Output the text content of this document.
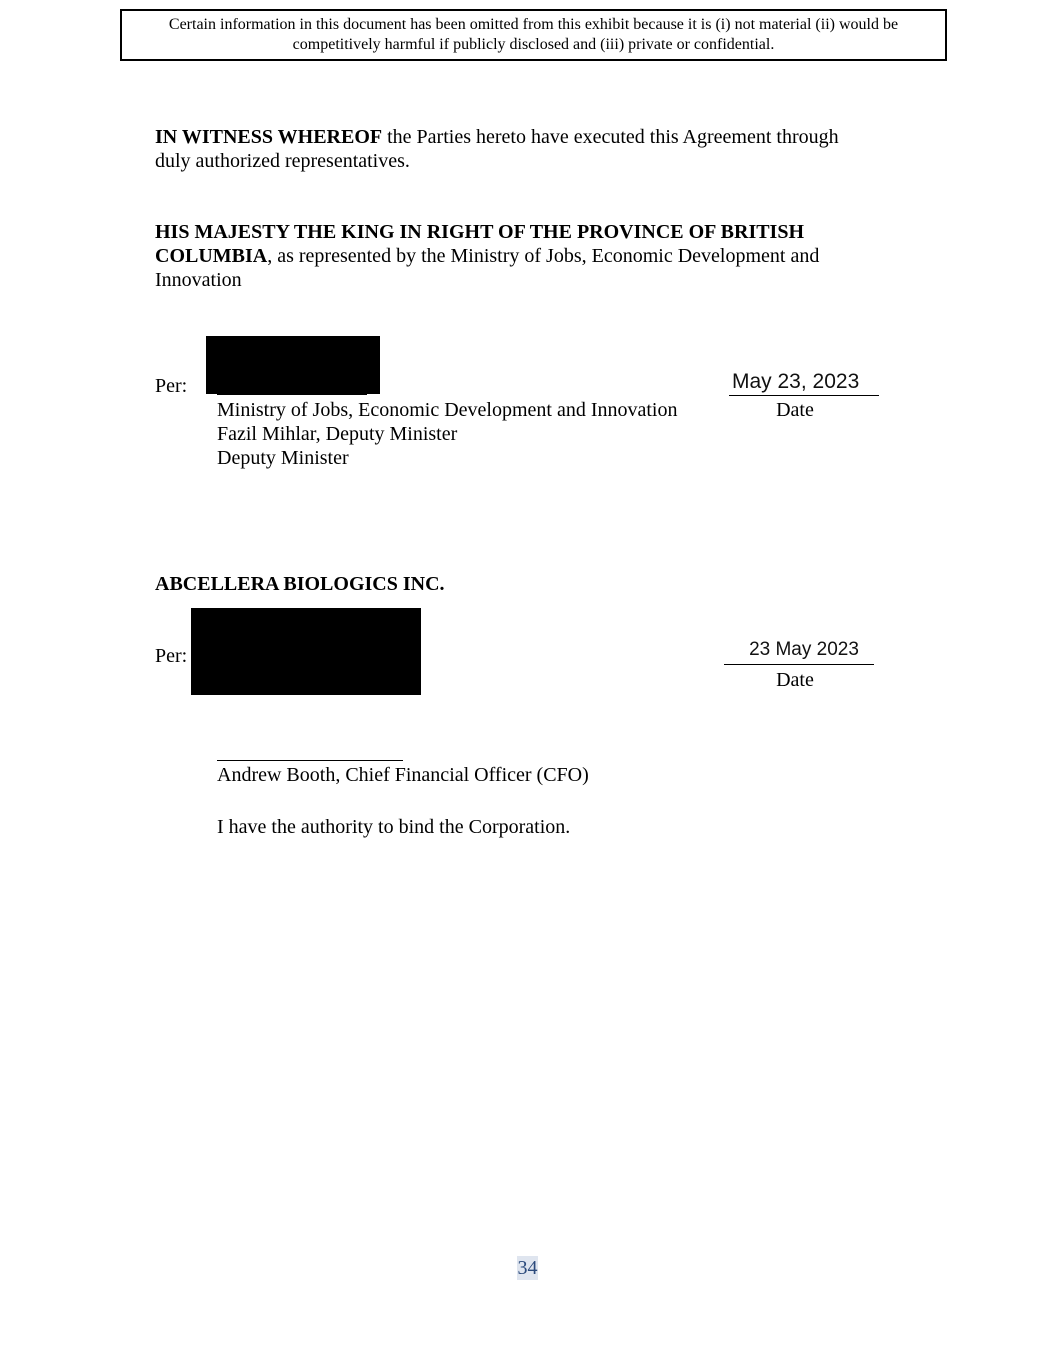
Certain information in this document has been omitted from this exhibit because it is (i) not material (ii) would be
competitively harmful if publicly disclosed and (iii) private or confidential.
IN WITNESS WHEREOF the Parties hereto have executed this Agreement through
duly authorized representatives.
HIS MAJESTY THE KING IN RIGHT OF THE PROVINCE OF BRITISH
COLUMBIA, as represented by the Ministry of Jobs, Economic Development and
Innovation
Per:
Ministry of Jobs, Economic Development and Innovation
Fazil Mihlar, Deputy Minister
Deputy Minister
May 23, 2023
Date
ABCELLERA BIOLOGICS INC.
Per:	23 May 2023
Date
Andrew Booth, Chief Financial Officer (CFO)
I have the authority to bind the Corporation.
34
